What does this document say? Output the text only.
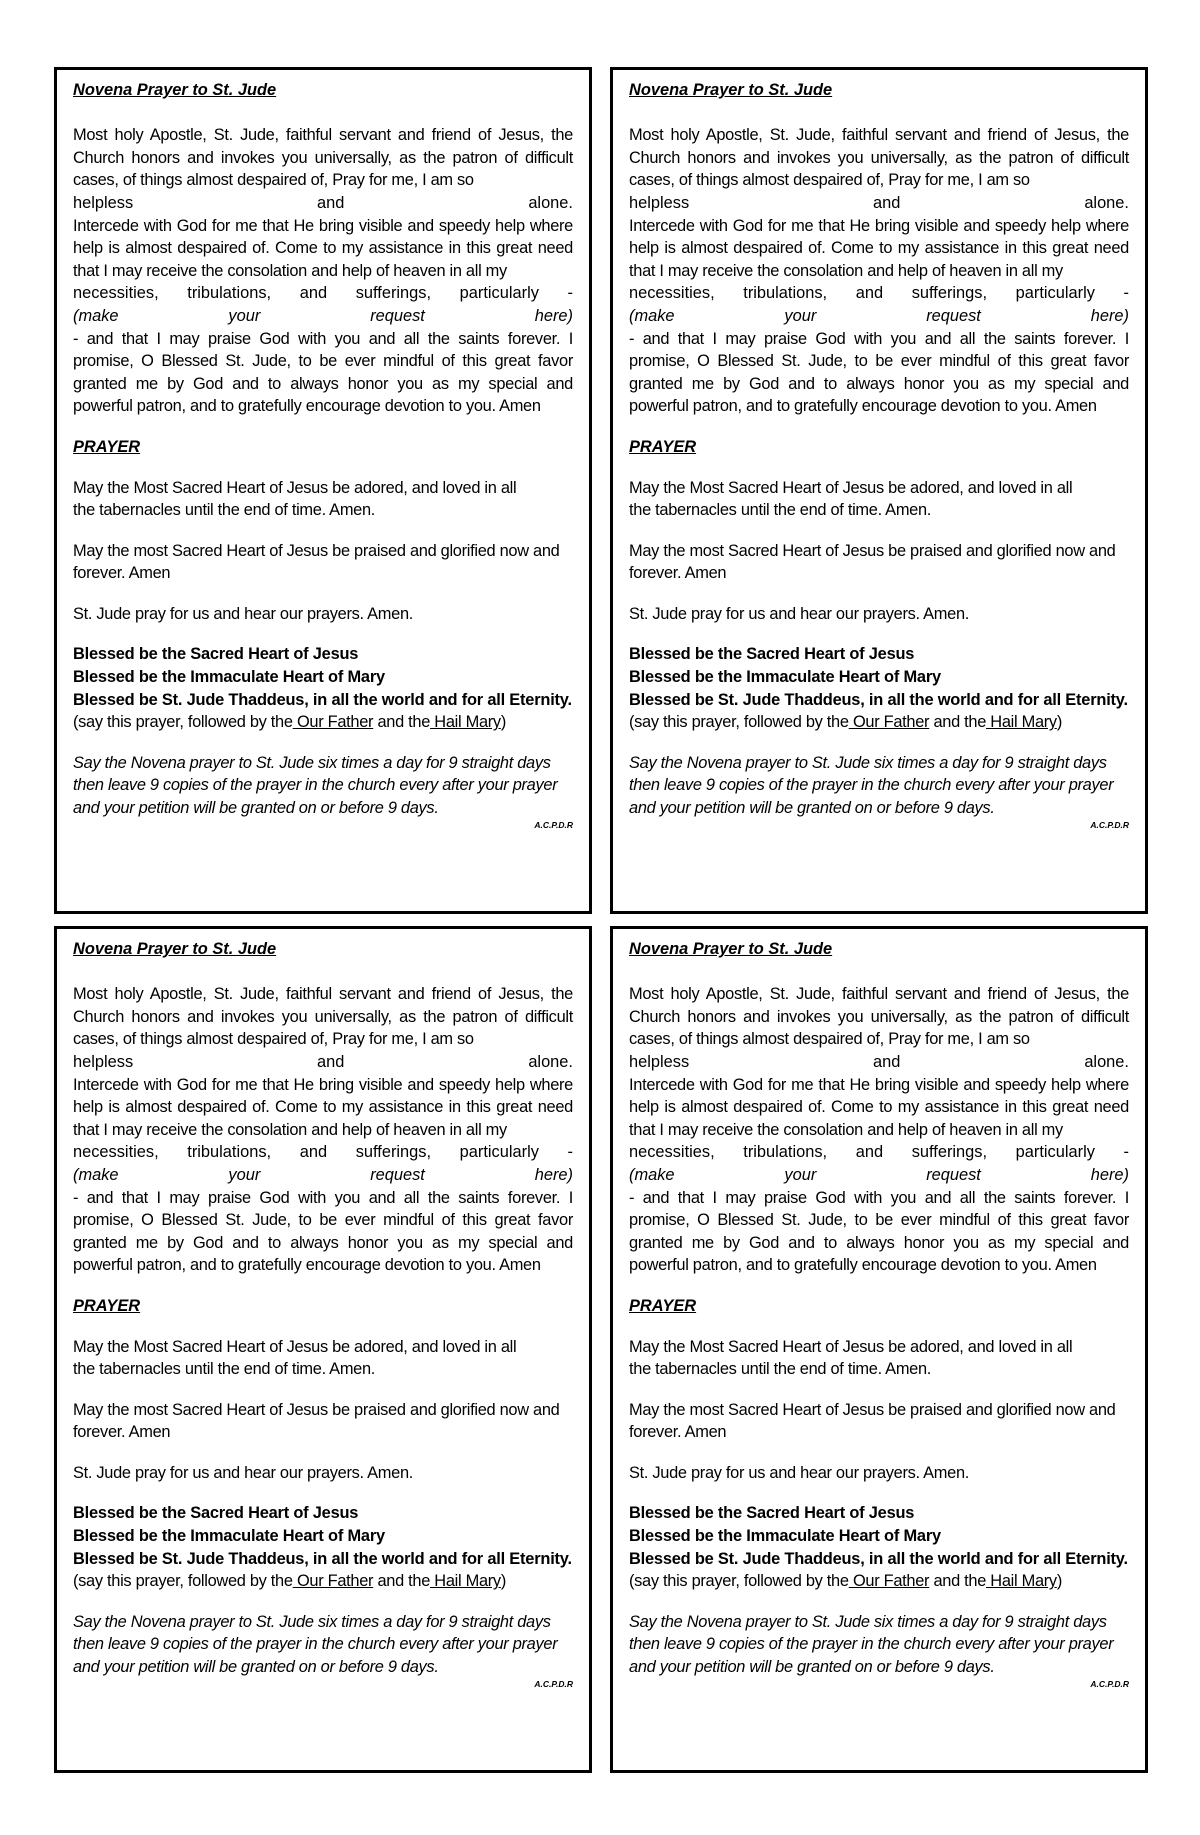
Novena Prayer to St. Jude
Most holy Apostle, St. Jude, faithful servant and friend of Jesus, the Church honors and invokes you universally, as the patron of difficult cases, of things almost despaired of, Pray for me, I am so
helpless	and	alone.
Intercede with God for me that He bring visible and speedy help where help is almost despaired of. Come to my assistance in this great need that I may receive the consolation and help of heaven in all my
necessities, tribulations, and sufferings, particularly -
(make	your	request	here)
- and that I may praise God with you and all the saints forever. I promise, O Blessed St. Jude, to be ever mindful of this great favor granted me by God and to always honor you as my special and powerful patron, and to gratefully encourage devotion to you. Amen
PRAYER
May the Most Sacred Heart of Jesus be adored, and loved in all
the tabernacles until the end of time. Amen.
May the most Sacred Heart of Jesus be praised and glorified now and
forever. Amen
St. Jude pray for us and hear our prayers. Amen.
Blessed be the Sacred Heart of Jesus
Blessed be the Immaculate Heart of Mary
Blessed be St. Jude Thaddeus, in all the world and for all Eternity.
(say this prayer, followed by the Our Father and the Hail Mary)
Say the Novena prayer to St. Jude six times a day for 9 straight days
then leave 9 copies of the prayer in the church every after your prayer
and your petition will be granted on or before 9 days.
A.C.P.D.R
Novena Prayer to St. Jude
Most holy Apostle, St. Jude, faithful servant and friend of Jesus, the Church honors and invokes you universally, as the patron of difficult cases, of things almost despaired of, Pray for me, I am so
helpless	and	alone.
Intercede with God for me that He bring visible and speedy help where help is almost despaired of. Come to my assistance in this great need that I may receive the consolation and help of heaven in all my
necessities, tribulations, and sufferings, particularly -
(make	your	request	here)
- and that I may praise God with you and all the saints forever. I promise, O Blessed St. Jude, to be ever mindful of this great favor granted me by God and to always honor you as my special and powerful patron, and to gratefully encourage devotion to you. Amen
PRAYER
May the Most Sacred Heart of Jesus be adored, and loved in all
the tabernacles until the end of time. Amen.
May the most Sacred Heart of Jesus be praised and glorified now and
forever. Amen
St. Jude pray for us and hear our prayers. Amen.
Blessed be the Sacred Heart of Jesus
Blessed be the Immaculate Heart of Mary
Blessed be St. Jude Thaddeus, in all the world and for all Eternity.
(say this prayer, followed by the Our Father and the Hail Mary)
Say the Novena prayer to St. Jude six times a day for 9 straight days
then leave 9 copies of the prayer in the church every after your prayer
and your petition will be granted on or before 9 days.
A.C.P.D.R
Novena Prayer to St. Jude
Most holy Apostle, St. Jude, faithful servant and friend of Jesus, the Church honors and invokes you universally, as the patron of difficult cases, of things almost despaired of, Pray for me, I am so
helpless	and	alone.
Intercede with God for me that He bring visible and speedy help where help is almost despaired of. Come to my assistance in this great need that I may receive the consolation and help of heaven in all my
necessities, tribulations, and sufferings, particularly -
(make	your	request	here)
- and that I may praise God with you and all the saints forever. I promise, O Blessed St. Jude, to be ever mindful of this great favor granted me by God and to always honor you as my special and powerful patron, and to gratefully encourage devotion to you. Amen
PRAYER
May the Most Sacred Heart of Jesus be adored, and loved in all
the tabernacles until the end of time. Amen.
May the most Sacred Heart of Jesus be praised and glorified now and
forever. Amen
St. Jude pray for us and hear our prayers. Amen.
Blessed be the Sacred Heart of Jesus
Blessed be the Immaculate Heart of Mary
Blessed be St. Jude Thaddeus, in all the world and for all Eternity.
(say this prayer, followed by the Our Father and the Hail Mary)
Say the Novena prayer to St. Jude six times a day for 9 straight days
then leave 9 copies of the prayer in the church every after your prayer
and your petition will be granted on or before 9 days.
A.C.P.D.R
Novena Prayer to St. Jude
Most holy Apostle, St. Jude, faithful servant and friend of Jesus, the Church honors and invokes you universally, as the patron of difficult cases, of things almost despaired of, Pray for me, I am so
helpless	and	alone.
Intercede with God for me that He bring visible and speedy help where help is almost despaired of. Come to my assistance in this great need that I may receive the consolation and help of heaven in all my
necessities, tribulations, and sufferings, particularly -
(make	your	request	here)
- and that I may praise God with you and all the saints forever. I promise, O Blessed St. Jude, to be ever mindful of this great favor granted me by God and to always honor you as my special and powerful patron, and to gratefully encourage devotion to you. Amen
PRAYER
May the Most Sacred Heart of Jesus be adored, and loved in all
the tabernacles until the end of time. Amen.
May the most Sacred Heart of Jesus be praised and glorified now and
forever. Amen
St. Jude pray for us and hear our prayers. Amen.
Blessed be the Sacred Heart of Jesus
Blessed be the Immaculate Heart of Mary
Blessed be St. Jude Thaddeus, in all the world and for all Eternity.
(say this prayer, followed by the Our Father and the Hail Mary)
Say the Novena prayer to St. Jude six times a day for 9 straight days
then leave 9 copies of the prayer in the church every after your prayer
and your petition will be granted on or before 9 days.
A.C.P.D.R
